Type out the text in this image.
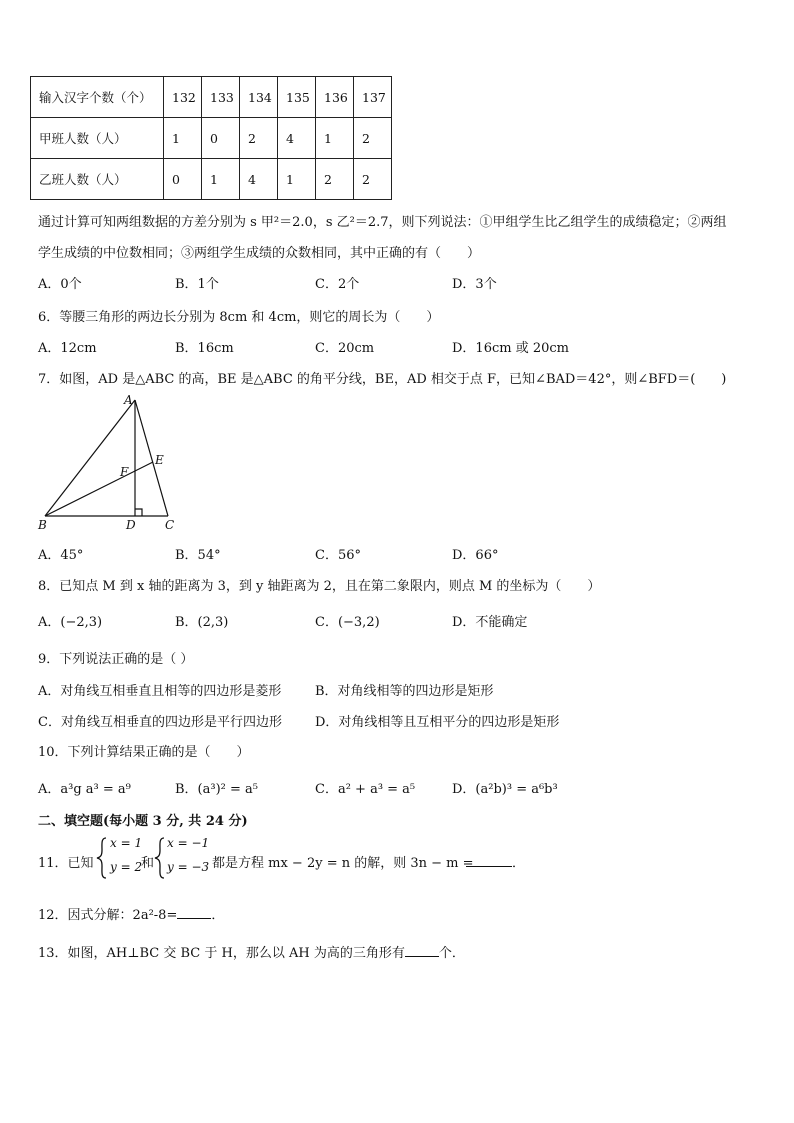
输入汉字个数（个）	132	133	134	135	136	137
甲班人数（人）	1	0	2	4	1	2
乙班人数（人）	0	1	4	1	2	2
通过计算可知两组数据的方差分别为 s 甲²＝2.0，s 乙²＝2.7，则下列说法：①甲组学生比乙组学生的成绩稳定；②两组
学生成绩的中位数相同；③两组学生成绩的众数相同，其中正确的有（　　）
A．0个	B．1个	C．2个	D．3个
6．等腰三角形的两边长分别为 8cm 和 4cm，则它的周长为（　　）
A．12cm	B．16cm	C．20cm	D．16cm 或 20cm
7．如图，AD 是△ABC 的高，BE 是△ABC 的角平分线，BE，AD 相交于点 F，已知∠BAD＝42°，则∠BFD＝(　　)
A
B	C
D
E
F
A．45°	B．54°	C．56°	D．66°
8．已知点 M 到 x 轴的距离为 3，到 y 轴距离为 2，且在第二象限内，则点 M 的坐标为（　　）
A．(−2,3)	B．(2,3)	C．(−3,2)	D．不能确定
9．下列说法正确的是（ ）
A．对角线互相垂直且相等的四边形是菱形	B．对角线相等的四边形是矩形
C．对角线互相垂直的四边形是平行四边形	D．对角线相等且互相平分的四边形是矩形
10．下列计算结果正确的是（　　）
A．a³g a³ = a⁹	B．(a³)² = a⁵	C．a² + a³ = a⁵	D．(a²b)³ = a⁶b³
二、填空题(每小题 3 分, 共 24 分)
11．已知
x = 1
y = 2
和
x = −1
y = −3 都是方程 mx − 2y = n 的解，则 3n − m =	．
12．因式分解：2a²-8=	．
13．如图，AH⊥BC 交 BC 于 H，那么以 AH 为高的三角形有	个．
